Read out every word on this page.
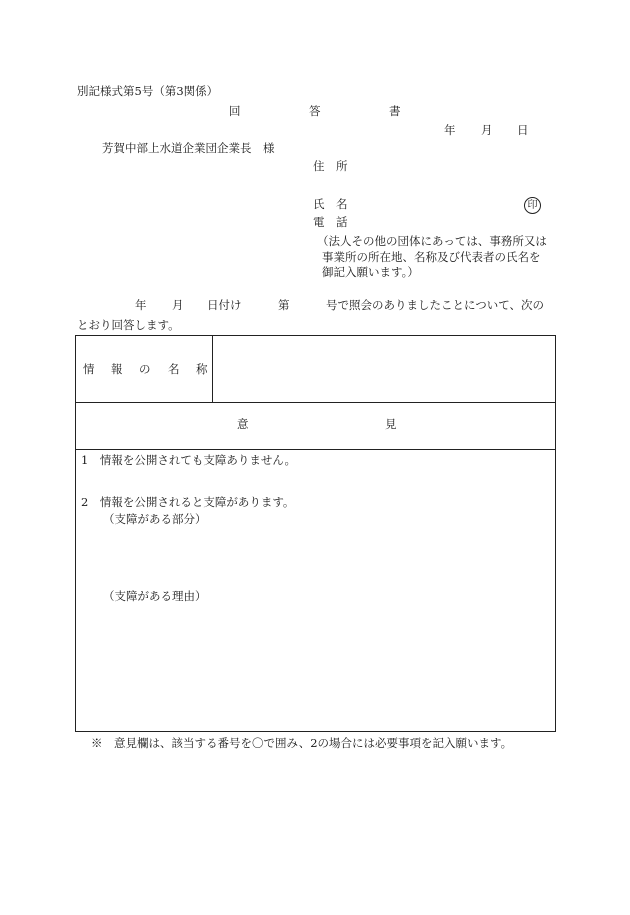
別記様式第5号（第3関係）
回	答	書
年 月 日
芳賀中部上水道企業団企業長　様
住　所
氏　名	印
電　話
（法人その他の団体にあっては、事務所又は
事業所の所在地、名称及び代表者の氏名を
御記入願います。）
年 月 日付け	第	号で照会のありましたことについて、次の
とおり回答します。
情 報 の 名 称
意	見
1　情報を公開されても支障ありません。
2　情報を公開されると支障があります。
（支障がある部分）
（支障がある理由）
※　意見欄は、該当する番号を〇で囲み、2の場合には必要事項を記入願います。
